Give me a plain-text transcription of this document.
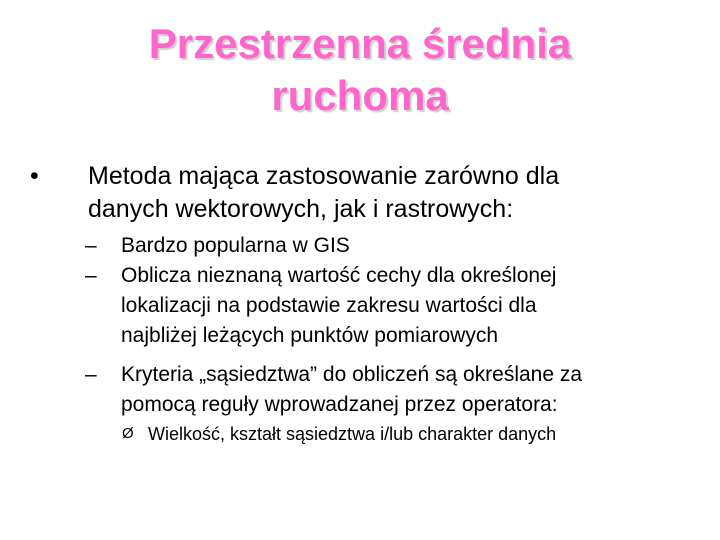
Przestrzenna średnia
ruchoma
• Metoda mająca zastosowanie zarówno dla
danych wektorowych, jak i rastrowych:
– Bardzo popularna w GIS
– Oblicza nieznaną wartość cechy dla określonej
lokalizacji na podstawie zakresu wartości dla
najbliżej leżących punktów pomiarowych
– Kryteria „sąsiedztwa” do obliczeń są określane za
pomocą reguły wprowadzanej przez operatora:
Ø Wielkość, kształt sąsiedztwa i/lub charakter danych
